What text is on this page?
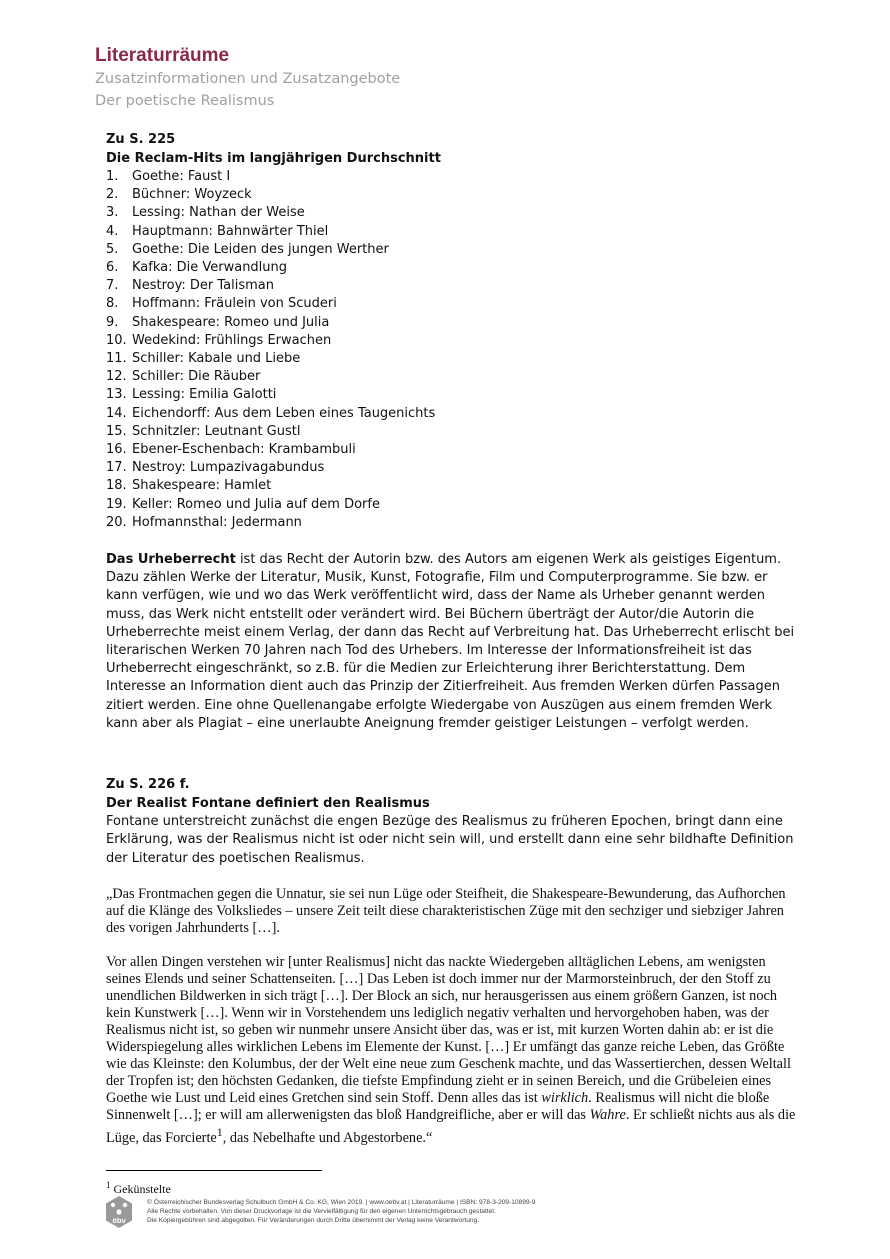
Literaturräume
Zusatzinformationen und Zusatzangebote
Der poetische Realismus
Zu S. 225
Die Reclam-Hits im langjährigen Durchschnitt
1.	Goethe: Faust I
2.	Büchner: Woyzeck
3.	Lessing: Nathan der Weise
4.	Hauptmann: Bahnwärter Thiel
5.	Goethe: Die Leiden des jungen Werther
6.	Kafka: Die Verwandlung
7.	Nestroy: Der Talisman
8.	Hoffmann: Fräulein von Scuderi
9.	Shakespeare: Romeo und Julia
10. Wedekind: Frühlings Erwachen
11. Schiller: Kabale und Liebe
12. Schiller: Die Räuber
13. Lessing: Emilia Galotti
14. Eichendorff: Aus dem Leben eines Taugenichts
15. Schnitzler: Leutnant Gustl
16. Ebener-Eschenbach: Krambambuli
17. Nestroy: Lumpazivagabundus
18. Shakespeare: Hamlet
19. Keller: Romeo und Julia auf dem Dorfe
20. Hofmannsthal: Jedermann

Das Urheberrecht ist das Recht der Autorin bzw. des Autors am eigenen Werk als geistiges Eigentum. Dazu zählen Werke der Literatur, Musik, Kunst, Fotografie, Film und Computerprogramme. Sie bzw. er kann verfügen, wie und wo das Werk veröffentlicht wird, dass der Name als Urheber genannt werden muss, das Werk nicht entstellt oder verändert wird. Bei Büchern überträgt der Autor/die Autorin die Urheberrechte meist einem Verlag, der dann das Recht auf Verbreitung hat. Das Urheberrecht erlischt bei literarischen Werken 70 Jahren nach Tod des Urhebers. Im Interesse der Informationsfreiheit ist das Urheberrecht eingeschränkt, so z.B. für die Medien zur Erleichterung ihrer Berichterstattung. Dem Interesse an Information dient auch das Prinzip der Zitierfreiheit. Aus fremden Werken dürfen Passagen zitiert werden. Eine ohne Quellenangabe erfolgte Wiedergabe von Auszügen aus einem fremden Werk kann aber als Plagiat – eine unerlaubte Aneignung fremder geistiger Leistungen – verfolgt werden.

Zu S. 226 f.
Der Realist Fontane definiert den Realismus

Fontane unterstreicht zunächst die engen Bezüge des Realismus zu früheren Epochen, bringt dann eine Erklärung, was der Realismus nicht ist oder nicht sein will, und erstellt dann eine sehr bildhafte Definition der Literatur des poetischen Realismus.

„Das Frontmachen gegen die Unnatur, sie sei nun Lüge oder Steifheit, die Shakespeare-Bewunderung, das Aufhorchen auf die Klänge des Volksliedes – unsere Zeit teilt diese charakteristischen Züge mit den sechziger und siebziger Jahren des vorigen Jahrhunderts […].

Vor allen Dingen verstehen wir [unter Realismus] nicht das nackte Wiedergeben alltäglichen Lebens, am wenigsten seines Elends und seiner Schattenseiten. […] Das Leben ist doch immer nur der Marmorsteinbruch, der den Stoff zu unendlichen Bildwerken in sich trägt […]. Der Block an sich, nur herausgerissen aus einem größern Ganzen, ist noch kein Kunstwerk […]. Wenn wir in Vorstehendem uns lediglich negativ verhalten und hervorgehoben haben, was der Realismus nicht ist, so geben wir nunmehr unsere Ansicht über das, was er ist, mit kurzen Worten dahin ab: er ist die Widerspiegelung alles wirklichen Lebens im Elemente der Kunst. […] Er umfängt das ganze reiche Leben, das Größte wie das Kleinste: den Kolumbus, der der Welt eine neue zum Geschenk machte, und das Wassertierchen, dessen Weltall der Tropfen ist; den höchsten Gedanken, die tiefste Empfindung zieht er in seinen Bereich, und die Grübeleien eines Goethe wie Lust und Leid eines Gretchen sind sein Stoff. Denn alles das ist wirklich. Realismus will nicht die bloße Sinnenwelt […]; er will am allerwenigsten das bloß Handgreifliche, aber er will das Wahre. Er schließt nichts aus als die Lüge, das Forcierte$^1$, das Nebelhafte und Abgestorbene.“

$^1$ Gekünstelte
öbv
© Österreichischer Bundesverlag Schulbuch GmbH & Co. KG, Wien 2019. | www.oebv.at | Literaturräume | ISBN: 978-3-209-10899-9
Alle Rechte vorbehalten. Von dieser Druckvorlage ist die Vervielfältigung für den eigenen Unterrichtsgebrauch gestattet.
Die Kopiergebühren sind abgegolten. Für Veränderungen durch Dritte übernimmt der Verlag keine Verantwortung.
